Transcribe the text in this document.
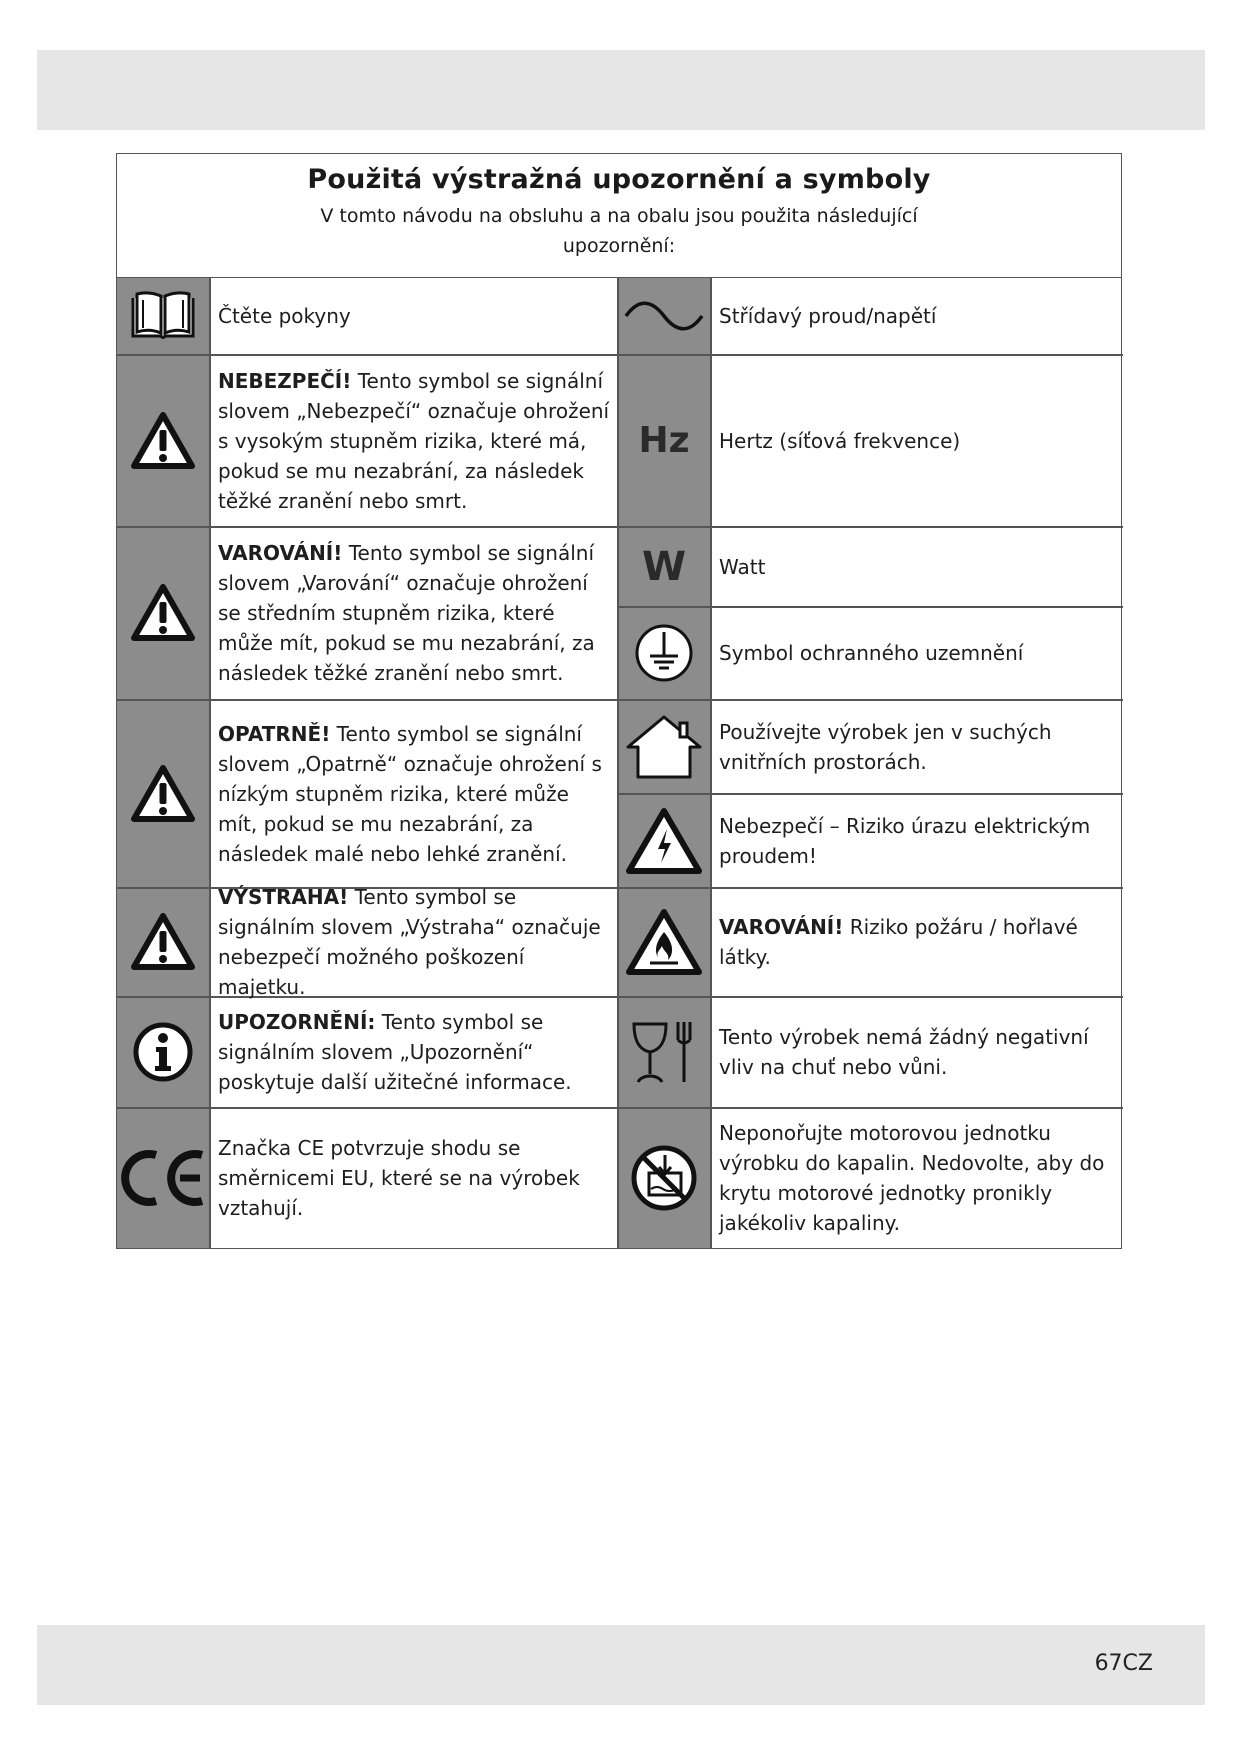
Použitá výstražná upozornění a symboly

V tomto návodu na obsluhu a na obalu jsou použita následující upozornění:

Čtěte pokyny
NEBEZPEČÍ! Tento symbol se signální slovem „Nebezpečí“ označuje ohrožení s vysokým stupněm rizika, které má, pokud se mu nezabrání, za následek těžké zranění nebo smrt.
VAROVÁNÍ! Tento symbol se signální slovem „Varování“ označuje ohrožení se středním stupněm rizika, které může mít, pokud se mu nezabrání, za následek těžké zranění nebo smrt.
OPATRNĚ! Tento symbol se signální slovem „Opatrně“ označuje ohrožení s nízkým stupněm rizika, které může mít, pokud se mu nezabrání, za následek malé nebo lehké zranění.
VÝSTRAHA! Tento symbol se signálním slovem „Výstraha“ označuje nebezpečí možného poškození majetku.
UPOZORNĚNÍ: Tento symbol se signálním slovem „Upozornění“ poskytuje další užitečné informace.
Značka CE potvrzuje shodu se směrnicemi EU, které se na výrobek vztahují.
Hz
W
Střídavý proud/napětí
Hertz (síťová frekvence)
Watt
Symbol ochranného uzemnění
Používejte výrobek jen v suchých vnitřních prostorách.
Nebezpečí – Riziko úrazu elektrickým proudem!
VAROVÁNÍ! Riziko požáru / hořlavé látky.
Tento výrobek nemá žádný negativní vliv na chuť nebo vůni.
Neponořujte motorovou jednotku výrobku do kapalin. Nedovolte, aby do krytu motorové jednotky pronikly jakékoliv kapaliny.
67CZ
